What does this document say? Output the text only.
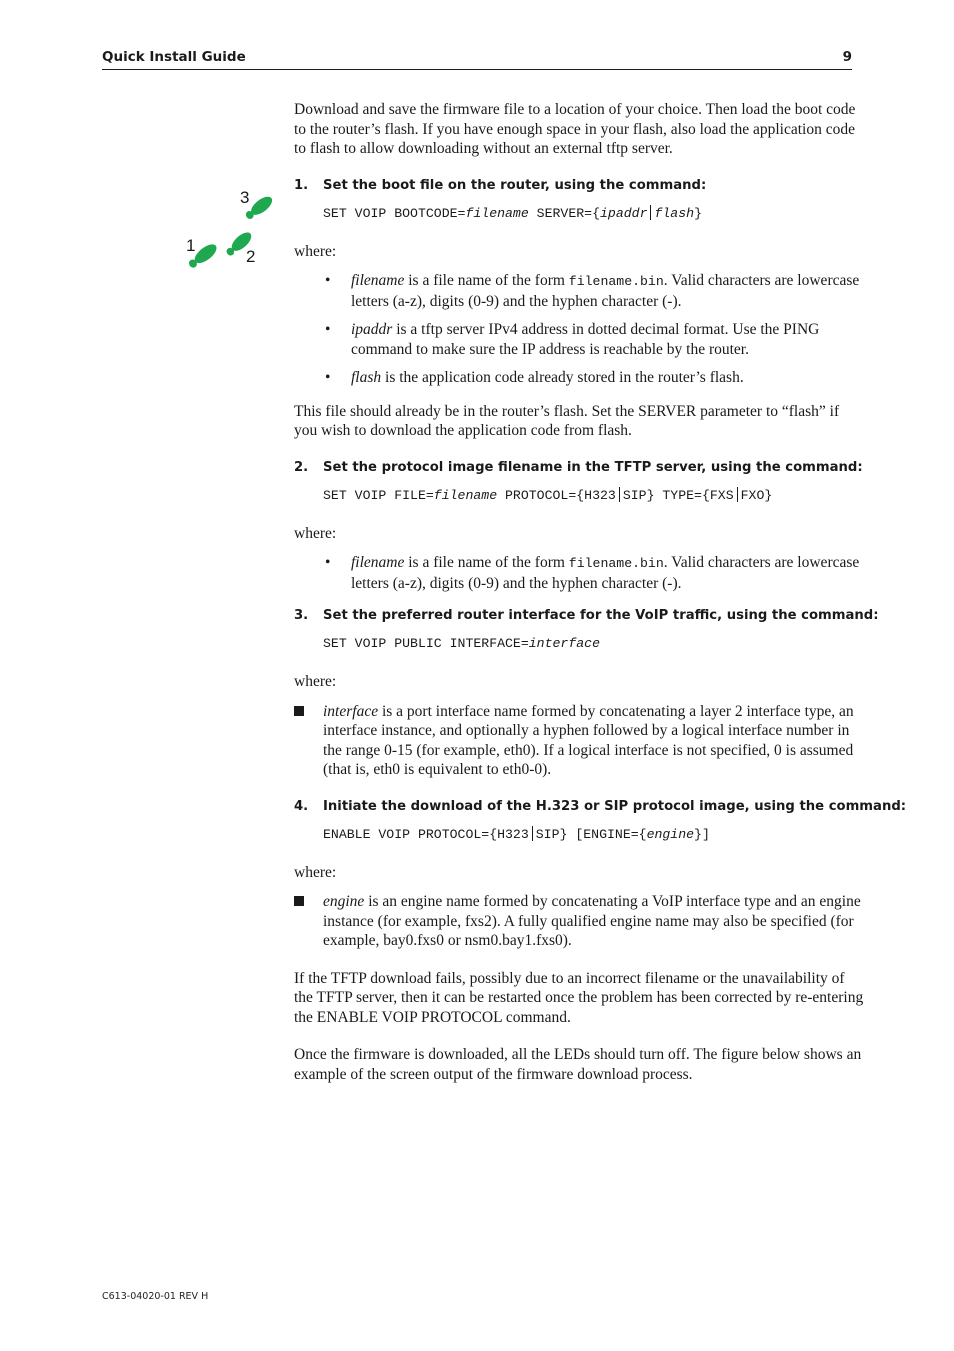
Quick Install Guide	9
1
2
3

Download and save the firmware file to a location of your choice. Then load the boot code to the router’s flash. If you have enough space in your flash, also load the application code to flash to allow downloading without an external tftp server.

1. Set the boot file on the router, using the command:
SET VOIP BOOTCODE=filename SERVER={ipaddr flash}

where:

• filename is a file name of the form filename.bin. Valid characters are lowercase letters (a-z), digits (0-9) and the hyphen character (-).
• ipaddr is a tftp server IPv4 address in dotted decimal format. Use the PING command to make sure the IP address is reachable by the router.
• flash is the application code already stored in the router’s flash.

This file should already be in the router’s flash. Set the SERVER parameter to “flash” if you wish to download the application code from flash.

2. Set the protocol image filename in the TFTP server, using the command:
SET VOIP FILE=filename PROTOCOL={H323 SIP} TYPE={FXS FXO}

where:

• filename is a file name of the form filename.bin. Valid characters are lowercase letters (a-z), digits (0-9) and the hyphen character (-).
3. Set the preferred router interface for the VoIP traffic, using the command:
SET VOIP PUBLIC INTERFACE=interface

where:

interface is a port interface name formed by concatenating a layer 2 interface type, an interface instance, and optionally a hyphen followed by a logical interface number in the range 0-15 (for example, eth0). If a logical interface is not specified, 0 is assumed (that is, eth0 is equivalent to eth0-0).
4. Initiate the download of the H.323 or SIP protocol image, using the command:
ENABLE VOIP PROTOCOL={H323 SIP} [ENGINE={engine}]

where:

engine is an engine name formed by concatenating a VoIP interface type and an engine instance (for example, fxs2). A fully qualified engine name may also be specified (for example, bay0.fxs0 or nsm0.bay1.fxs0).

If the TFTP download fails, possibly due to an incorrect filename or the unavailability of the TFTP server, then it can be restarted once the problem has been corrected by re-entering the ENABLE VOIP PROTOCOL command.

Once the firmware is downloaded, all the LEDs should turn off. The figure below shows an example of the screen output of the firmware download process.

C613-04020-01 REV H
